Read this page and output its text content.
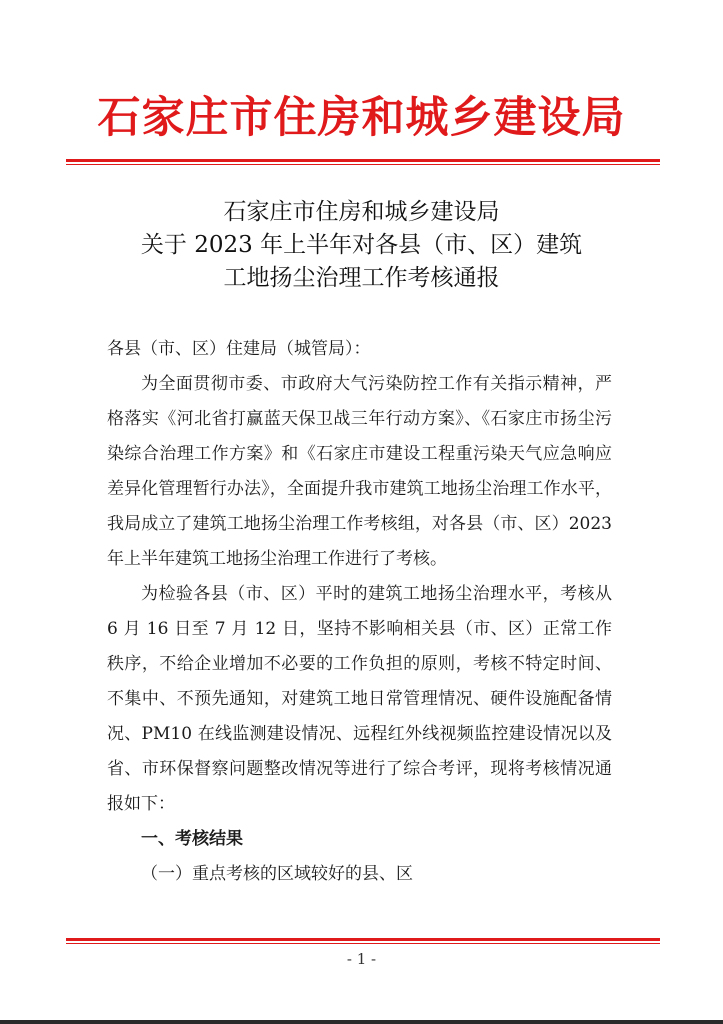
石家庄市住房和城乡建设局
石家庄市住房和城乡建设局
关于 2023 年上半年对各县（市、区）建筑
工地扬尘治理工作考核通报

各县（市、区）住建局（城管局）：

为全面贯彻市委、市政府大气污染防控工作有关指示精神，严格落实《河北省打赢蓝天保卫战三年行动方案》、《石家庄市扬尘污染综合治理工作方案》和《石家庄市建设工程重污染天气应急响应差异化管理暂行办法》，全面提升我市建筑工地扬尘治理工作水平，我局成立了建筑工地扬尘治理工作考核组，对各县（市、区）2023 年上半年建筑工地扬尘治理工作进行了考核。

为检验各县（市、区）平时的建筑工地扬尘治理水平，考核从 6 月 16 日至 7 月 12 日，坚持不影响相关县（市、区）正常工作秩序，不给企业增加不必要的工作负担的原则，考核不特定时间、不集中、不预先通知，对建筑工地日常管理情况、硬件设施配备情况、PM10 在线监测建设情况、远程红外线视频监控建设情况以及省、市环保督察问题整改情况等进行了综合考评，现将考核情况通报如下：

一、考核结果

（一）重点考核的区域较好的县、区

- 1 -
